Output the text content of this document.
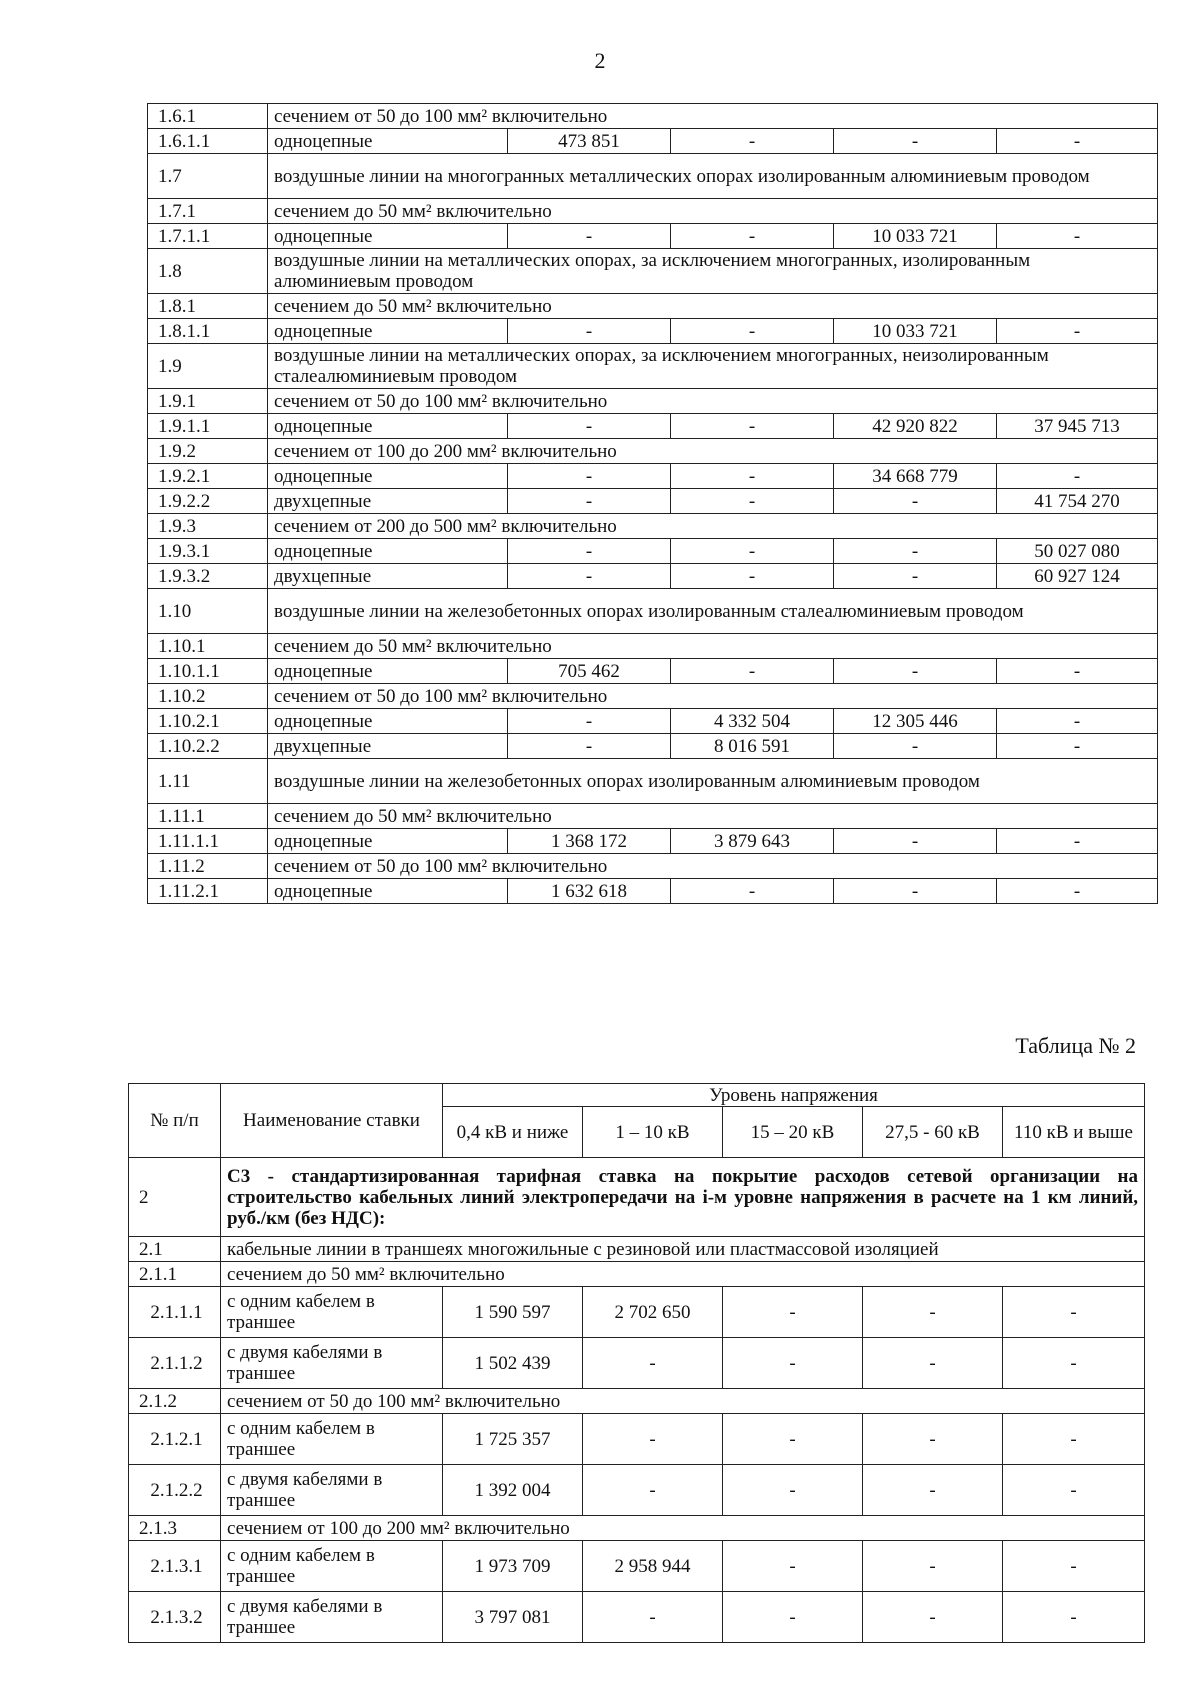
2
1.6.1	сечением от 50 до 100 мм² включительно				
1.6.1.1	одноцепные	473 851	-	-	-
1.7	воздушные линии на многогранных металлических опорах изолированным алюминиевым проводом				
1.7.1	сечением до 50 мм² включительно				
1.7.1.1	одноцепные	-	-	10 033 721	-
1.8	воздушные линии на металлических опорах, за исключением многогранных, изолированным алюминиевым проводом				
1.8.1	сечением до 50 мм² включительно				
1.8.1.1	одноцепные	-	-	10 033 721	-
1.9	воздушные линии на металлических опорах, за исключением многогранных, неизолированным сталеалюминиевым проводом				
1.9.1	сечением от 50 до 100 мм² включительно				
1.9.1.1	одноцепные	-	-	42 920 822	37 945 713
1.9.2	сечением от 100 до 200 мм² включительно				
1.9.2.1	одноцепные	-	-	34 668 779	-
1.9.2.2	двухцепные	-	-	-	41 754 270
1.9.3	сечением от 200 до 500 мм² включительно				
1.9.3.1	одноцепные	-	-	-	50 027 080
1.9.3.2	двухцепные	-	-	-	60 927 124
1.10	воздушные линии на железобетонных опорах изолированным сталеалюминиевым проводом				
1.10.1	сечением до 50 мм² включительно				
1.10.1.1	одноцепные	705 462	-	-	-
1.10.2	сечением от 50 до 100 мм² включительно				
1.10.2.1	одноцепные	-	4 332 504	12 305 446	-
1.10.2.2	двухцепные	-	8 016 591	-	-
1.11	воздушные линии на железобетонных опорах изолированным алюминиевым проводом				
1.11.1	сечением до 50 мм² включительно				
1.11.1.1	одноцепные	1 368 172	3 879 643	-	-
1.11.2	сечением от 50 до 100 мм² включительно				
1.11.2.1	одноцепные	1 632 618	-	-	-
Таблица № 2
№ п/п	Наименование ставки	Уровень напряжения				
		0,4 кВ и ниже	1 – 10 кВ	15 – 20 кВ	27,5 - 60 кВ	110 кВ и выше
2	С3 - стандартизированная тарифная ставка на покрытие расходов сетевой организации на строительство кабельных линий электропередачи на i-м уровне напряжения в расчете на 1 км линий, руб./км (без НДС):					
2.1	кабельные линии в траншеях многожильные с резиновой или пластмассовой изоляцией					
2.1.1	сечением до 50 мм² включительно					
2.1.1.1	с одним кабелем в траншее	1 590 597	2 702 650	-	-	-
2.1.1.2	с двумя кабелями в траншее	1 502 439	-	-	-	-
2.1.2	сечением от 50 до 100 мм² включительно					
2.1.2.1	с одним кабелем в траншее	1 725 357	-	-	-	-
2.1.2.2	с двумя кабелями в траншее	1 392 004	-	-	-	-
2.1.3	сечением от 100 до 200 мм² включительно					
2.1.3.1	с одним кабелем в траншее	1 973 709	2 958 944	-	-	-
2.1.3.2	с двумя кабелями в траншее	3 797 081	-	-	-	-
